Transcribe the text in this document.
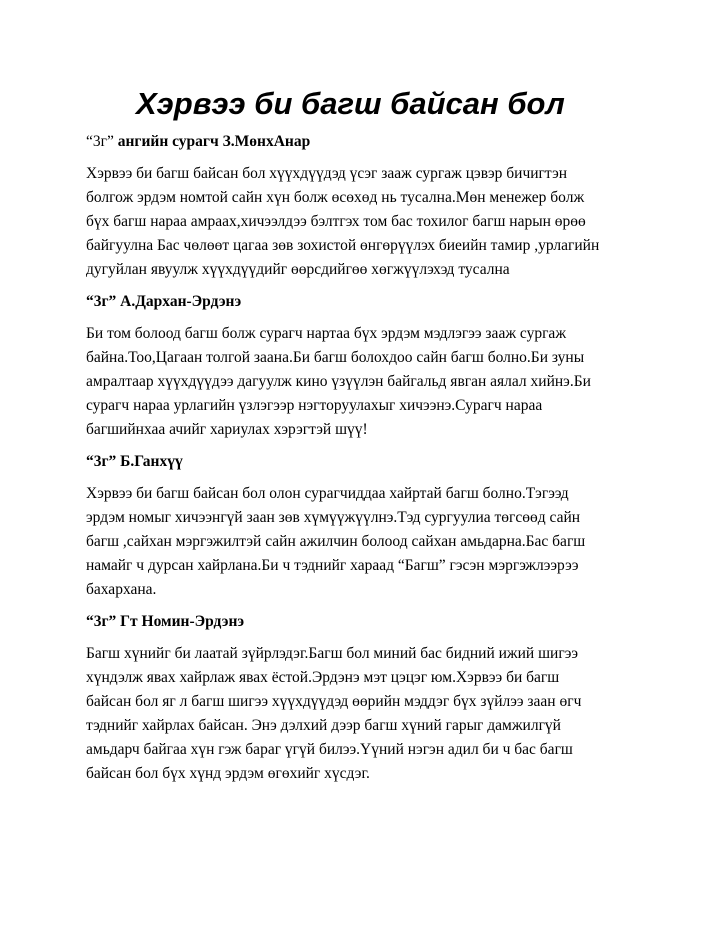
Хэрвээ би багш байсан бол
“3г” ангийн сурагч З.МөнхАнар
Хэрвээ би багш байсан бол хүүхдүүдэд үсэг зааж сургаж цэвэр бичигтэн
болгож эрдэм номтой сайн хүн болж өсөхөд нь тусална.Мөн менежер болж
бүх багш нараа амраах,хичээлдээ бэлтгэх том бас тохилог багш нарын өрөө
байгуулна Бас чөлөөт цагаа зөв зохистой өнгөрүүлэх биеийн тамир ,урлагийн
дугуйлан явуулж хүүхдүүдийг өөрсдийгөө хөгжүүлэхэд тусална
“3г” А.Дархан-Эрдэнэ
Би том болоод багш болж сурагч нартаа бүх эрдэм мэдлэгээ зааж сургаж
байна.Тоо,Цагаан толгой заана.Би багш болохдоо сайн багш болно.Би зуны
амралтаар хүүхдүүдээ дагуулж кино үзүүлэн байгальд явган аялал хийнэ.Би
сурагч нараа урлагийн үзлэгээр нэгторуулахыг хичээнэ.Сурагч нараа
багшийнхаа ачийг хариулах хэрэгтэй шүү!
“3г” Б.Ганхүү
Хэрвээ би багш байсан бол олон сурагчиддаа хайртай багш болно.Тэгээд
эрдэм номыг хичээнгүй заан зөв хүмүүжүүлнэ.Тэд сургуулиа төгсөөд сайн
багш ,сайхан мэргэжилтэй сайн ажилчин болоод сайхан амьдарна.Бас багш
намайг ч дурсан хайрлана.Би ч тэднийг хараад “Багш” гэсэн мэргэжлээрээ
бахархана.
“3г” Гт Номин-Эрдэнэ
Багш хүнийг би лаатай зүйрлэдэг.Багш бол миний бас бидний ижий шигээ
хүндэлж явах хайрлаж явах ёстой.Эрдэнэ мэт цэцэг юм.Хэрвээ би багш
байсан бол яг л багш шигээ хүүхдүүдэд өөрийн мэддэг бүх зүйлээ заан өгч
тэднийг хайрлах байсан. Энэ дэлхий дээр багш хүний гарыг дамжилгүй
амьдарч байгаа хүн гэж бараг үгүй билээ.Үүний нэгэн адил би ч бас багш
байсан бол бүх хүнд эрдэм өгөхийг хүсдэг.
